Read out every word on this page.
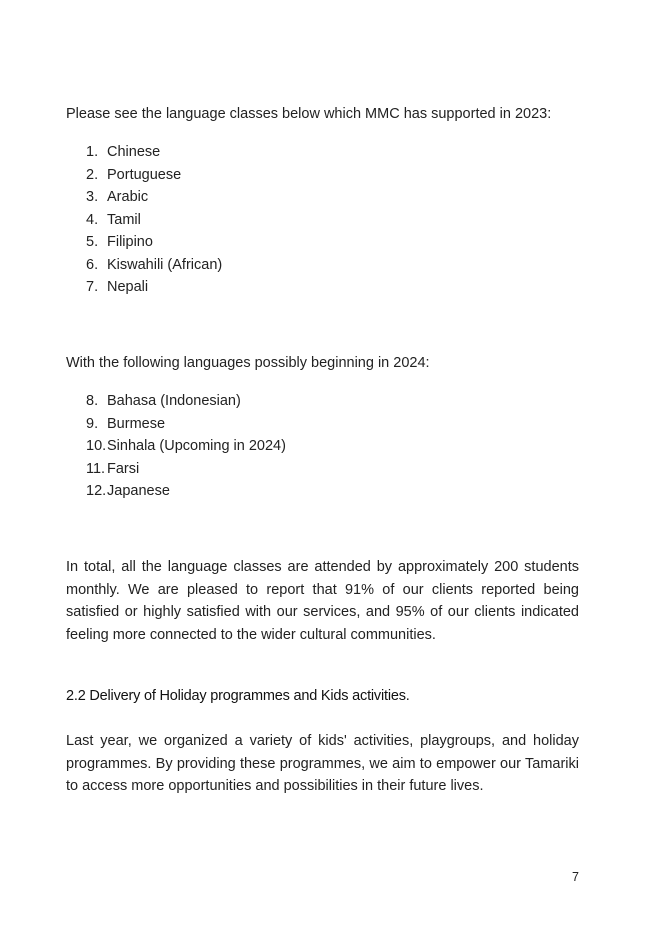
Please see the language classes below which MMC has supported in 2023:

1. Chinese
2. Portuguese
3. Arabic
4. Tamil
5. Filipino
6. Kiswahili (African)
7. Nepali

With the following languages possibly beginning in 2024:

8. Bahasa (Indonesian)
9. Burmese
10. Sinhala (Upcoming in 2024)
11. Farsi
12. Japanese

In total, all the language classes are attended by approximately 200 students monthly. We are pleased to report that 91% of our clients reported being satisfied or highly satisfied with our services, and 95% of our clients indicated feeling more connected to the wider cultural communities.

2.2 Delivery of Holiday programmes and Kids activities.

Last year, we organized a variety of kids' activities, playgroups, and holiday programmes. By providing these programmes, we aim to empower our Tamariki to access more opportunities and possibilities in their future lives.

7
